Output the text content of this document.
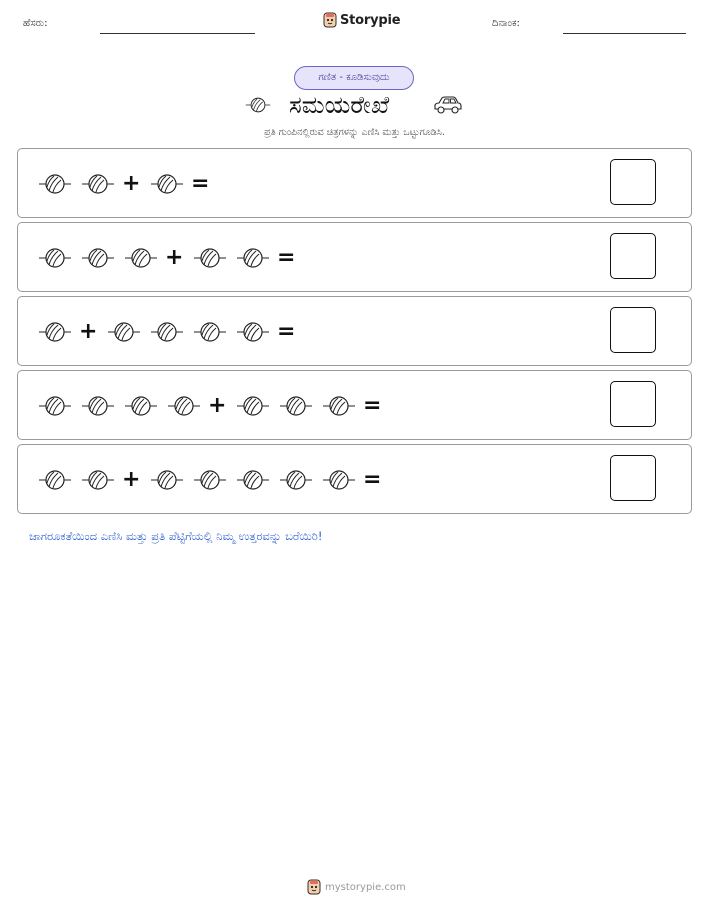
ಹೆಸರು:	Storypie	ದಿನಾಂಕ:
ಗಣಿತ - ಕೂಡಿಸುವುದು
ಸಮಯರೇಖೆ
ಪ್ರತಿ ಗುಂಪಿನಲ್ಲಿರುವ ಚಿತ್ರಗಳನ್ನು ಎಣಿಸಿ ಮತ್ತು ಒಟ್ಟುಗೂಡಿಸಿ.
+ =
+	=
+	=
+	=
+	=
ಜಾಗರೂಕತೆಯಿಂದ ಎಣಿಸಿ ಮತ್ತು ಪ್ರತಿ ಪೆಟ್ಟಿಗೆಯಲ್ಲಿ ನಿಮ್ಮ ಉತ್ತರವನ್ನು ಬರೆಯಿರಿ!
mystorypie.com
